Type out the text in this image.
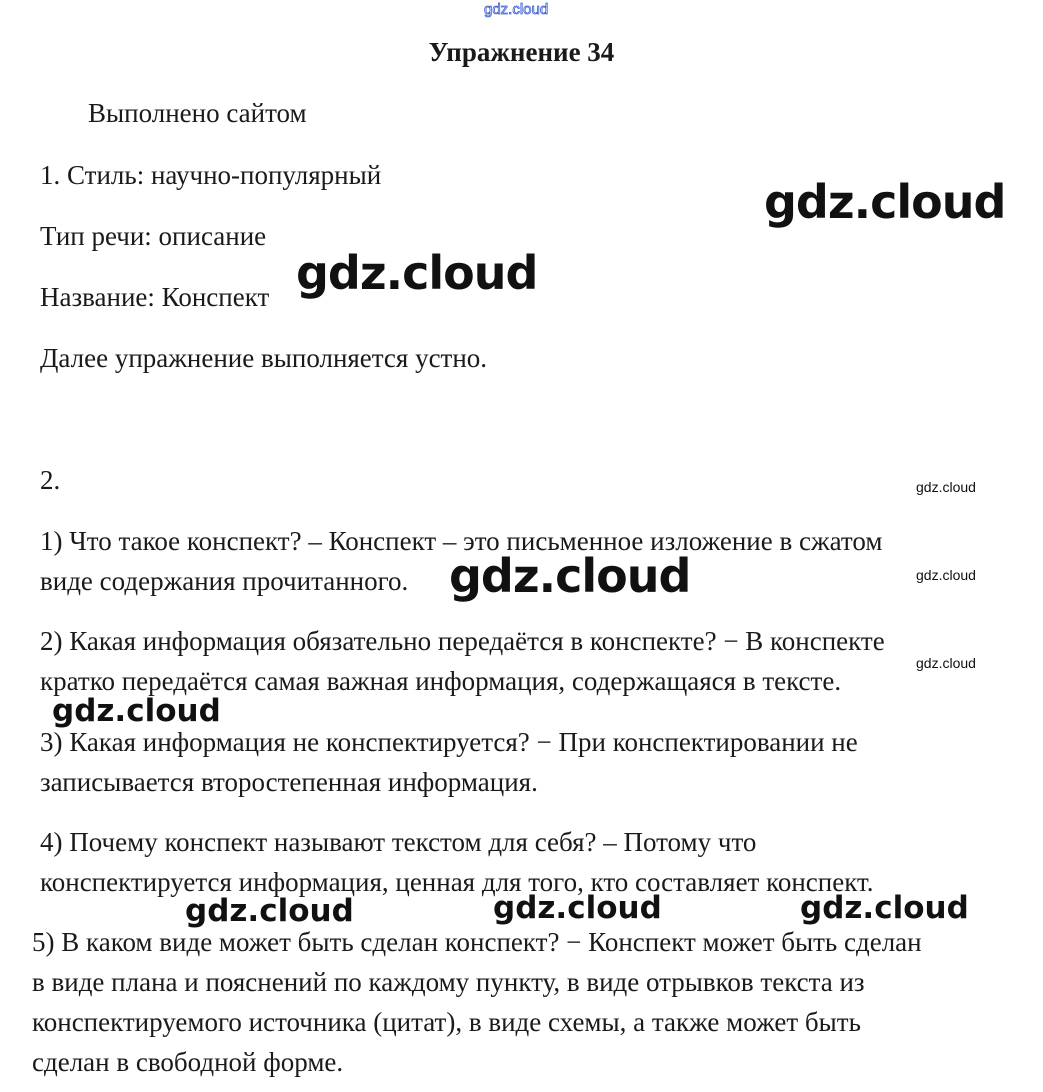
gdz.cloud
Упражнение 34
Выполнено сайтом
1. Стиль: научно-популярный
Тип речи: описание
Название: Конспект
Далее упражнение выполняется устно.
2.
1) Что такое конспект? – Конспект – это письменное изложение в сжатом
виде содержания прочитанного.
2) Какая информация обязательно передаётся в конспекте? − В конспекте
кратко передаётся самая важная информация, содержащаяся в тексте.
3) Какая информация не конспектируется? − При конспектировании не
записывается второстепенная информация.
4) Почему конспект называют текстом для себя? – Потому что
конспектируется информация, ценная для того, кто составляет конспект.
5) В каком виде может быть сделан конспект? − Конспект может быть сделан
в виде плана и пояснений по каждому пункту, в виде отрывков текста из
конспектируемого источника (цитат), в виде схемы, а также может быть
сделан в свободной форме.
gdz.cloud
gdz.cloud
gdz.cloud
gdz.cloud
gdz.cloud	gdz.cloud	gdz.cloud
gdz.cloud
gdz.cloud
gdz.cloud
